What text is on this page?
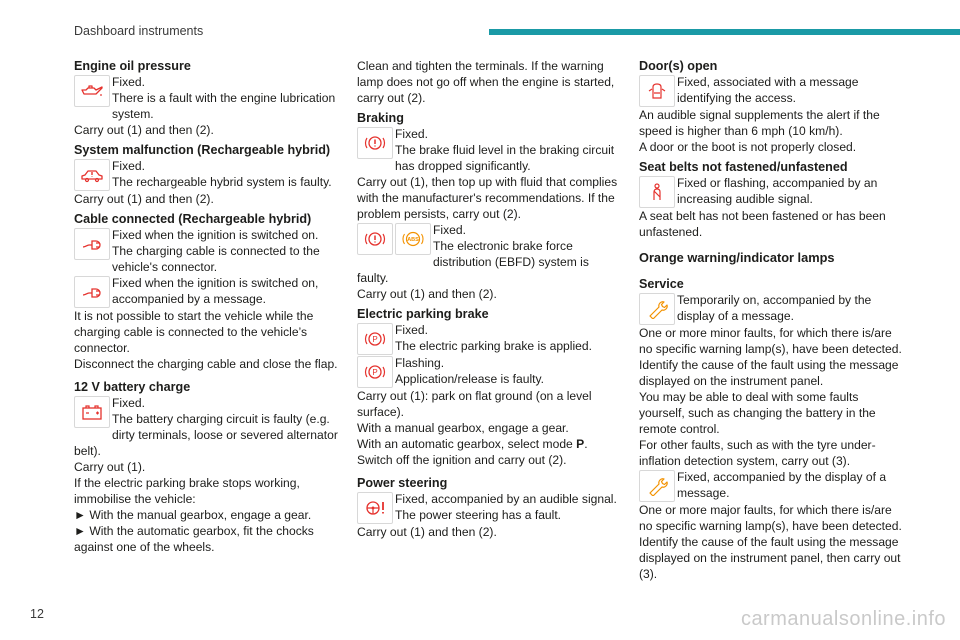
Dashboard instruments
Engine oil pressure
Fixed.
There is a fault with the engine lubrication system.
Carry out (1) and then (2).
System malfunction (Rechargeable hybrid)
Fixed.
The rechargeable hybrid system is faulty.
Carry out (1) and then (2).
Cable connected (Rechargeable hybrid)
Fixed when the ignition is switched on.
The charging cable is connected to the vehicle's connector.
Fixed when the ignition is switched on, accompanied by a message.
It is not possible to start the vehicle while the charging cable is connected to the vehicle’s connector.
Disconnect the charging cable and close the flap.
12 V battery charge
Fixed.
The battery charging circuit is faulty (e.g. dirty terminals, loose or severed alternator belt).
Carry out (1).
If the electric parking brake stops working, immobilise the vehicle:
► With the manual gearbox, engage a gear.
► With the automatic gearbox, fit the chocks against one of the wheels.
Clean and tighten the terminals. If the warning lamp does not go off when the engine is started, carry out (2).
Braking
Fixed.
The brake fluid level in the braking circuit has dropped significantly.
Carry out (1), then top up with fluid that complies with the manufacturer's recommendations. If the problem persists, carry out (2).
ABS
Fixed.
The electronic brake force distribution (EBFD) system is faulty.
Carry out (1) and then (2).
Electric parking brake
P
Fixed.
The electric parking brake is applied.
P
Flashing.
Application/release is faulty.
Carry out (1): park on flat ground (on a level surface).
With a manual gearbox, engage a gear.
With an automatic gearbox, select mode P.
Switch off the ignition and carry out (2).
Power steering
Fixed, accompanied by an audible signal.
The power steering has a fault.
Carry out (1) and then (2).
Door(s) open
Fixed, associated with a message identifying the access.
An audible signal supplements the alert if the speed is higher than 6 mph (10 km/h).
A door or the boot is not properly closed.
Seat belts not fastened/unfastened
Fixed or flashing, accompanied by an increasing audible signal.
A seat belt has not been fastened or has been unfastened.
Orange warning/indicator lamps
Service
Temporarily on, accompanied by the display of a message.
One or more minor faults, for which there is/are no specific warning lamp(s), have been detected.
Identify the cause of the fault using the message displayed on the instrument panel.
You may be able to deal with some faults yourself, such as changing the battery in the remote control.
For other faults, such as with the tyre under-inflation detection system, carry out (3).
Fixed, accompanied by the display of a message.
One or more major faults, for which there is/are no specific warning lamp(s), have been detected.
Identify the cause of the fault using the message displayed on the instrument panel, then carry out (3).
12	carmanualsonline.info
